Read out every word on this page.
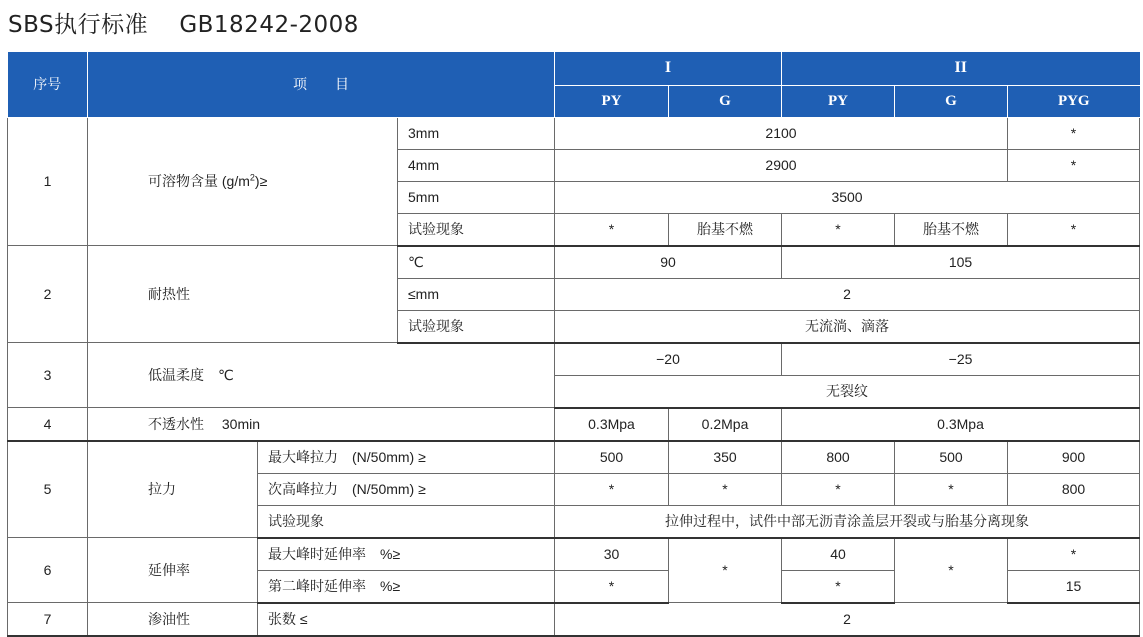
SBS执行标准    GB18242-2008
序号	项　　目			I		II		
				PY	G	PY	G	PYG
1	可溶物含量 $(g/m^2)\ge$		3mm	2100				*
			4mm	2900				*
			5mm	3500				
			试验现象	*	胎基不燃	*	胎基不燃	*
2	耐热性		℃	90		105		
			≤mm	2				
			试验现象	无流淌、滴落				
3	低温柔度　℃			−20		−25		
				无裂纹				
4	不透水性　 30min			0.3Mpa	0.2Mpa	0.3Mpa		
5	拉力	最大峰拉力　(N/50mm) ≥		500	350	800	500	900
		次高峰拉力　(N/50mm) ≥		*	*	*	*	800
		试验现象		拉伸过程中，试件中部无沥青涂盖层开裂或与胎基分离现象				
6	延伸率	最大峰时延伸率　%≥		30	*	40	*	*
		第二峰时延伸率　%≥		*		*		15
7	渗油性	张数 ≤		2				
